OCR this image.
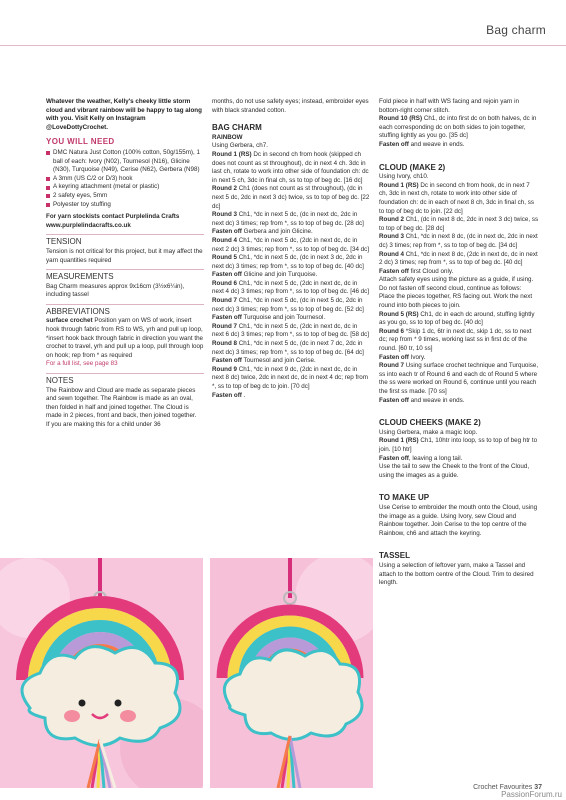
Bag charm

Whatever the weather, Kelly's cheeky little storm cloud and vibrant rainbow will be happy to tag along with you. Visit Kelly on Instagram @LoveDottyCrochet.

YOU WILL NEED

DMC Natura Just Cotton (100% cotton, 50g/155m), 1 ball of each: Ivory (N02), Tournesol (N16), Glicine (N30), Turquoise (N49), Cerise (N62), Gerbera (N98)

A 3mm (US C/2 or D/3) hook

A keyring attachment (metal or plastic)

2 safety eyes, 5mm

Polyester toy stuffing

For yarn stockists contact Purplelinda Crafts www.purplelindacrafts.co.uk

TENSION

Tension is not critical for this project, but it may affect the yarn quantities required

MEASUREMENTS

Bag Charm measures approx 9x16cm (3½x6¼in), including tassel

ABBREVIATIONS

surface crochet Position yarn on WS of work, insert hook through fabric from RS to WS, yrh and pull up loop, *insert hook back through fabric in direction you want the crochet to travel, yrh and pull up a loop, pull through loop on hook; rep from * as required

For a full list, see page 83

NOTES

The Rainbow and Cloud are made as separate pieces and sewn together. The Rainbow is made as an oval, then folded in half and joined together. The Cloud is made in 2 pieces, front and back, then joined together.

If you are making this for a child under 36

months, do not use safety eyes; instead, embroider eyes with black stranded cotton.

BAG CHARM

RAINBOW

Using Gerbera, ch7.

Round 1 (RS) Dc in second ch from hook (skipped ch does not count as st throughout), dc in next 4 ch. 3dc in last ch, rotate to work into other side of foundation ch: dc in next 5 ch, 3dc in final ch, ss to top of beg dc. [16 dc]

Round 2 Ch1 (does not count as st throughout), (dc in next 5 dc, 2dc in next 3 dc) twice, ss to top of beg dc. [22 dc]

Round 3 Ch1, *dc in next 5 dc, (dc in next dc, 2dc in next dc) 3 times; rep from *, ss to top of beg dc. [28 dc]

Fasten off Gerbera and join Glicine.

Round 4 Ch1, *dc in next 5 dc, (2dc in next dc, dc in next 2 dc) 3 times; rep from *, ss to top of beg dc. [34 dc]

Round 5 Ch1, *dc in next 5 dc, (dc in next 3 dc, 2dc in next dc) 3 times; rep from *, ss to top of beg dc. [40 dc]

Fasten off Glicine and join Turquoise.

Round 6 Ch1, *dc in next 5 dc, (2dc in next dc, dc in next 4 dc) 3 times; rep from *, ss to top of beg dc. [46 dc]

Round 7 Ch1, *dc in next 5 dc, (dc in next 5 dc, 2dc in next dc) 3 times; rep from *, ss to top of beg dc. [52 dc]

Fasten off Turquoise and join Tournesol.

Round 7 Ch1, *dc in next 5 dc, (2dc in next dc, dc in next 6 dc) 3 times; rep from *, ss to top of beg dc. [58 dc]

Round 8 Ch1, *dc in next 5 dc, (dc in next 7 dc, 2dc in next dc) 3 times; rep from *, ss to top of beg dc. [64 dc]

Fasten off Tournesol and join Cerise.

Round 9 Ch1, *dc in next 9 dc, (2dc in next dc, dc in next 8 dc) twice, 2dc in next dc, dc in next 4 dc; rep from *, ss to top of beg dc to join. [70 dc]

Fasten off .

Fold piece in half with WS facing and rejoin yarn in bottom-right corner stitch.

Round 10 (RS) Ch1, dc into first dc on both halves, dc in each corresponding dc on both sides to join together, stuffing lightly as you go. [35 dc]

Fasten off and weave in ends.

CLOUD (MAKE 2)

Using Ivory, ch10.

Round 1 (RS) Dc in second ch from hook, dc in next 7 ch, 3dc in next ch, rotate to work into other side of foundation ch: dc in each of next 8 ch, 3dc in final ch, ss to top of beg dc to join. [22 dc]

Round 2 Ch1, (dc in next 8 dc, 2dc in next 3 dc) twice, ss to top of beg dc. [28 dc]

Round 3 Ch1, *dc in next 8 dc, (dc in next dc, 2dc in next dc) 3 times; rep from *, ss to top of beg dc. [34 dc]

Round 4 Ch1, *dc in next 8 dc, (2dc in next dc, dc in next 2 dc) 3 times; rep from *, ss to top of beg dc. [40 dc]

Fasten off first Cloud only.

Attach safety eyes using the picture as a guide, if using.

Do not fasten off second cloud, continue as follows:

Place the pieces together, RS facing out. Work the next round into both pieces to join.

Round 5 (RS) Ch1, dc in each dc around, stuffing lightly as you go, ss to top of beg dc. [40 dc]

Round 6 *Skip 1 dc, 6tr in next dc, skip 1 dc, ss to next dc; rep from * 9 times, working last ss in first dc of the round. [60 tr, 10 ss]

Fasten off Ivory.

Round 7 Using surface crochet technique and Turquoise, ss into each tr of Round 6 and each dc of Round 5 where the ss were worked on Round 6, continue until you reach the first ss made. [70 ss]

Fasten off and weave in ends.

CLOUD CHEEKS (MAKE 2)

Using Gerbera, make a magic loop.

Round 1 (RS) Ch1, 10htr into loop, ss to top of beg htr to join. [10 htr]

Fasten off, leaving a long tail.

Use the tail to sew the Cheek to the front of the Cloud, using the images as a guide.

TO MAKE UP

Use Cerise to embroider the mouth onto the Cloud, using the image as a guide. Using Ivory, sew Cloud and Rainbow together. Join Cerise to the top centre of the Rainbow, ch6 and attach the keyring.

TASSEL

Using a selection of leftover yarn, make a Tassel and attach to the bottom centre of the Cloud. Trim to desired length.

Crochet Favourites 37
PassionForum.ru
